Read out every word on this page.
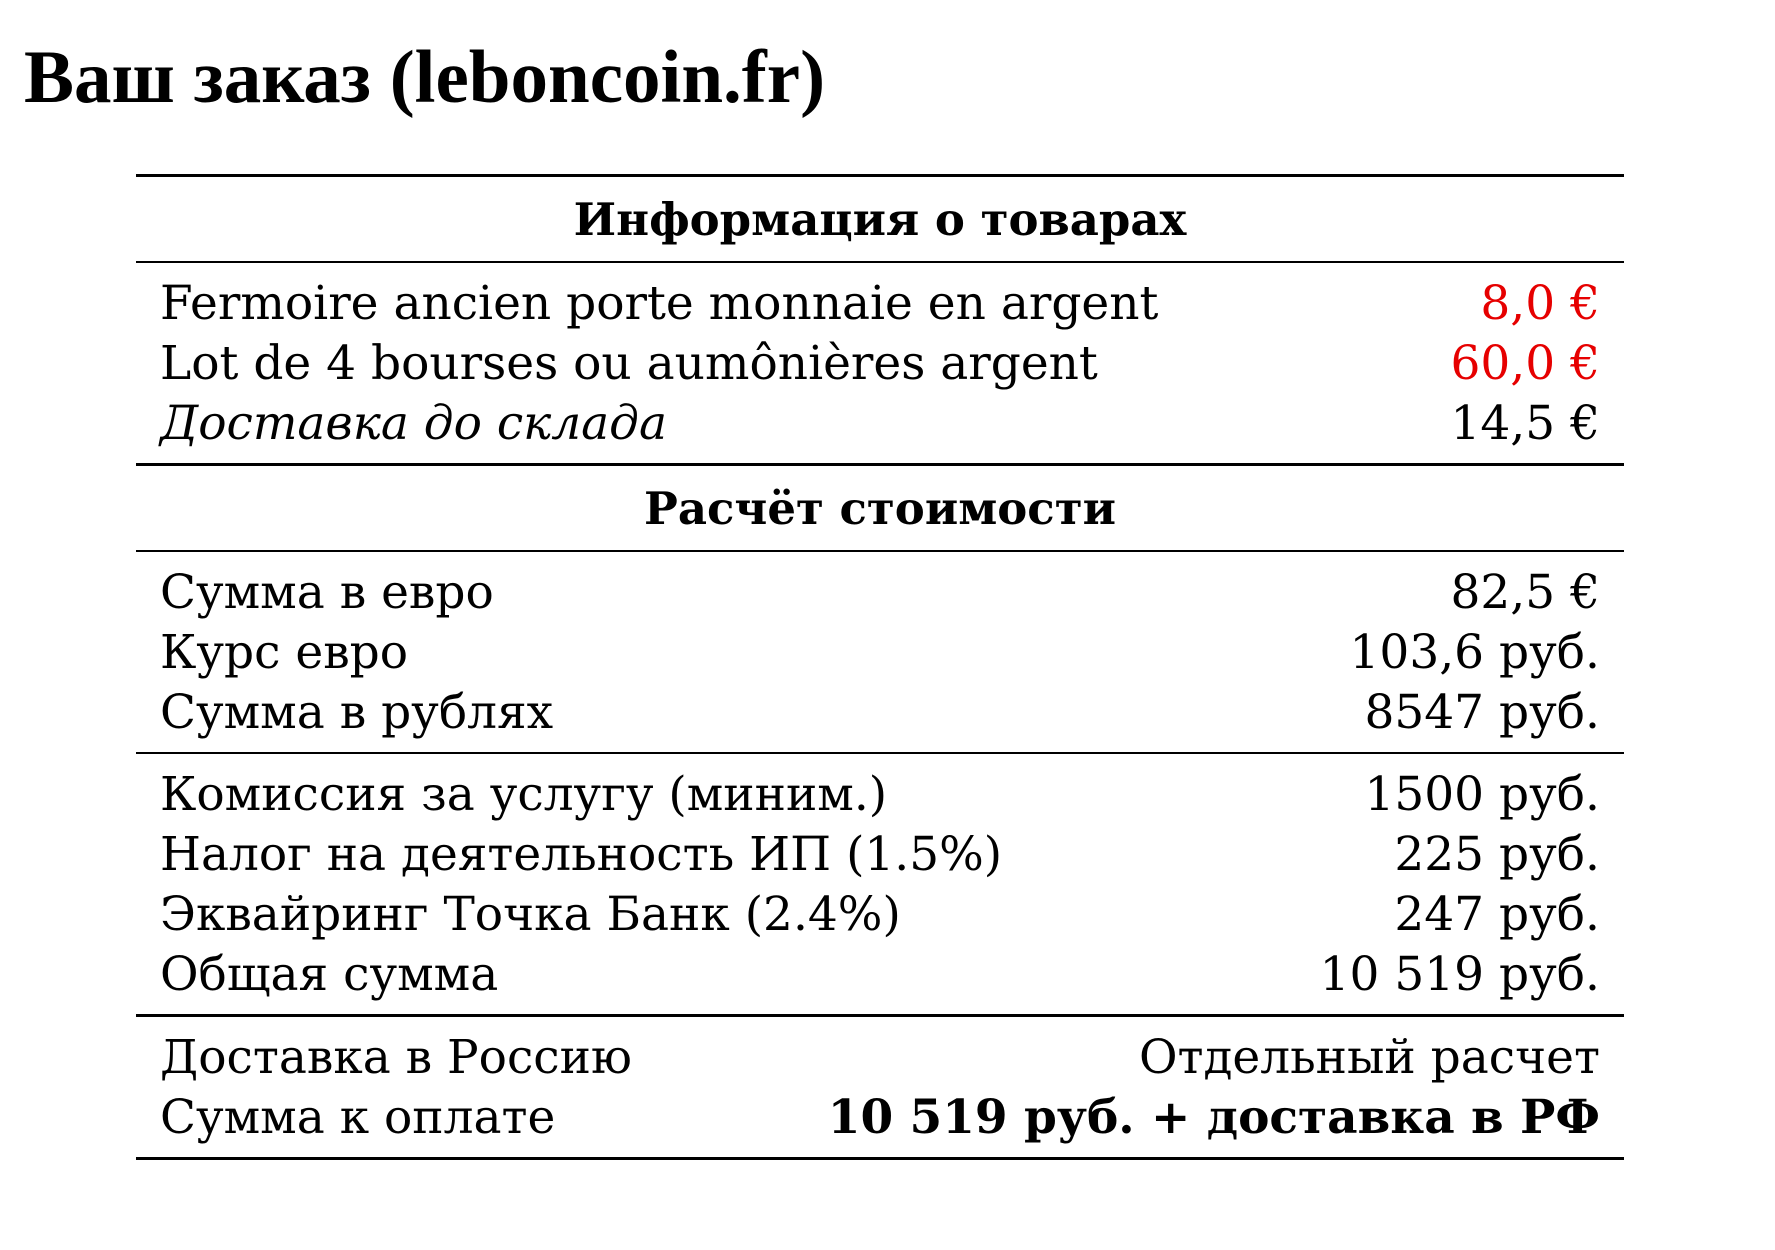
Ваш заказ (leboncoin.fr)
Информация о товарах
Fermoire ancien porte monnaie en argent	8,0 €
Lot de 4 bourses ou aumônières argent	60,0 €
Доставка до склада	14,5 €
Расчёт стоимости
Сумма в евро	82,5 €
Курс евро	103,6 руб.
Сумма в рублях	8547 руб.
Комиссия за услугу (миним.)	1500 руб.
Налог на деятельность ИП (1.5%)	225 руб.
Эквайринг Точка Банк (2.4%)	247 руб.
Общая сумма	10 519 руб.
Доставка в Россию	Отдельный расчет
Сумма к оплате	10 519 руб. + доставка в РФ
